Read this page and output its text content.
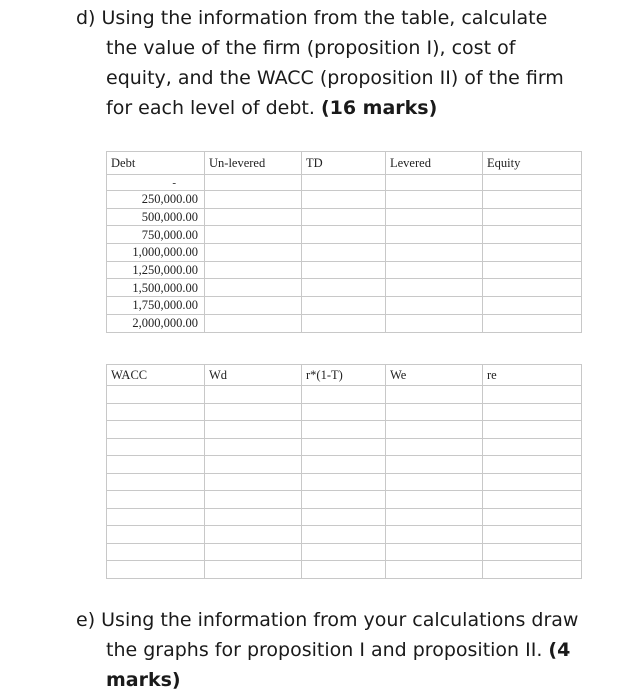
d) Using the information from the table, calculate
the value of the firm (proposition I), cost of
equity, and the WACC (proposition II) of the firm
for each level of debt. (16 marks)
Debt	Un-levered	TD	Levered	Equity
-				
250,000.00				
500,000.00				
750,000.00				
1,000,000.00				
1,250,000.00				
1,500,000.00				
1,750,000.00				
2,000,000.00				
WACC	Wd	r*(1-T)	We	re

e) Using the information from your calculations draw
the graphs for proposition I and proposition II. (4
marks)
